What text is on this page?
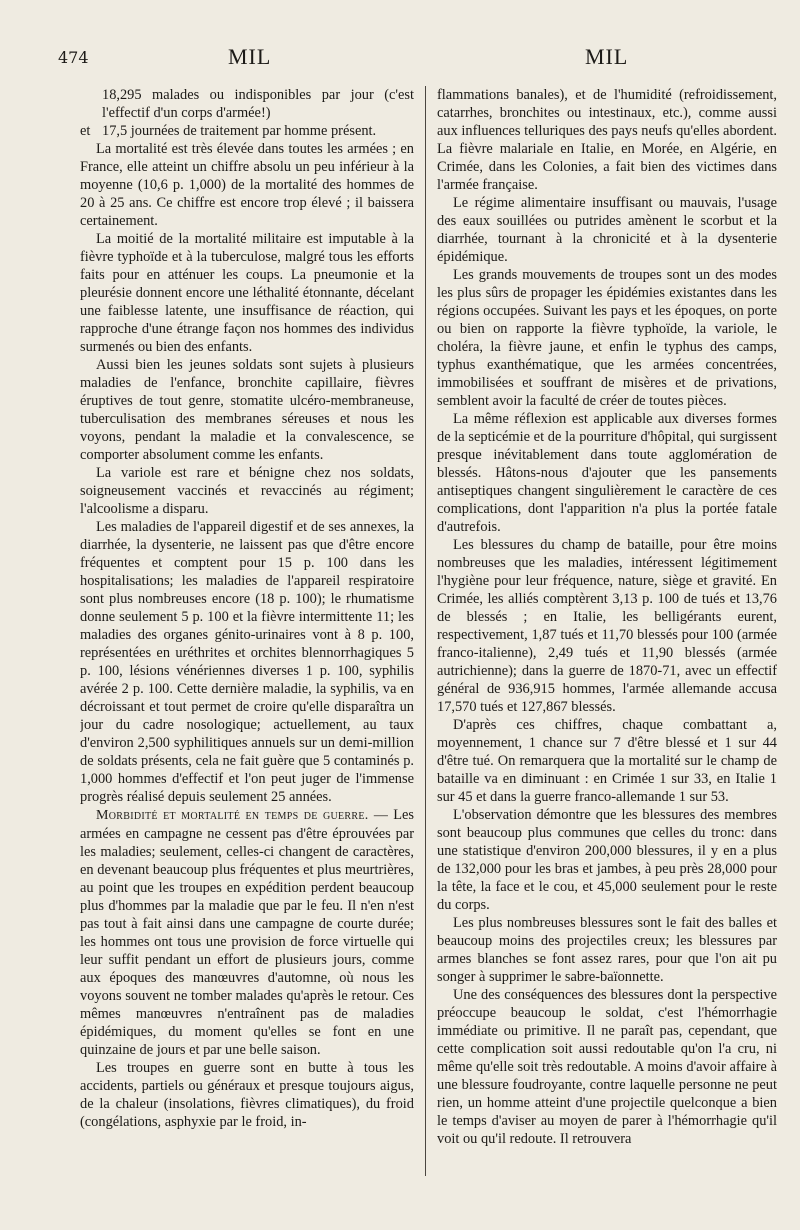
474	MIL	MIL

18,295 malades ou indisponibles par jour (c'est l'effectif d'un corps d'armée!)

et 17,5 journées de traitement par homme présent.

La mortalité est très élevée dans toutes les armées ; en France, elle atteint un chiffre absolu un peu inférieur à la moyenne (10,6 p. 1,000) de la mortalité des hommes de 20 à 25 ans. Ce chiffre est encore trop élevé ; il baissera certainement.

La moitié de la mortalité militaire est imputable à la fièvre typhoïde et à la tuberculose, malgré tous les efforts faits pour en atténuer les coups. La pneumonie et la pleurésie donnent encore une léthalité étonnante, décelant une faiblesse latente, une insuffisance de réaction, qui rapproche d'une étrange façon nos hommes des individus surmenés ou bien des enfants.

Aussi bien les jeunes soldats sont sujets à plusieurs maladies de l'enfance, bronchite capillaire, fièvres éruptives de tout genre, stomatite ulcéro-membraneuse, tuberculisation des membranes séreuses et nous les voyons, pendant la maladie et la convalescence, se comporter absolument comme les enfants.

La variole est rare et bénigne chez nos soldats, soigneusement vaccinés et revaccinés au régiment; l'alcoolisme a disparu.

Les maladies de l'appareil digestif et de ses annexes, la diarrhée, la dysenterie, ne laissent pas que d'être encore fréquentes et comptent pour 15 p. 100 dans les hospitalisations; les maladies de l'appareil respiratoire sont plus nombreuses encore (18 p. 100); le rhumatisme donne seulement 5 p. 100 et la fièvre intermittente 11; les maladies des organes génito-urinaires vont à 8 p. 100, représentées en uréthrites et orchites blennorrhagiques 5 p. 100, lésions vénériennes diverses 1 p. 100, syphilis avérée 2 p. 100. Cette dernière maladie, la syphilis, va en décroissant et tout permet de croire qu'elle disparaîtra un jour du cadre nosologique; actuellement, au taux d'environ 2,500 syphilitiques annuels sur un demi-million de soldats présents, cela ne fait guère que 5 contaminés p. 1,000 hommes d'effectif et l'on peut juger de l'immense progrès réalisé depuis seulement 25 années.

Morbidité et mortalité en temps de guerre. — Les armées en campagne ne cessent pas d'être éprouvées par les maladies; seulement, celles-ci changent de caractères, en devenant beaucoup plus fréquentes et plus meurtrières, au point que les troupes en expédition perdent beaucoup plus d'hommes par la maladie que par le feu. Il n'en n'est pas tout à fait ainsi dans une campagne de courte durée; les hommes ont tous une provision de force virtuelle qui leur suffit pendant un effort de plusieurs jours, comme aux époques des manœuvres d'automne, où nous les voyons souvent ne tomber malades qu'après le retour. Ces mêmes manœuvres n'entraînent pas de maladies épidémiques, du moment qu'elles se font en une quinzaine de jours et par une belle saison.

Les troupes en guerre sont en butte à tous les accidents, partiels ou généraux et presque toujours aigus, de la chaleur (insolations, fièvres climatiques), du froid (congélations, asphyxie par le froid, in-

flammations banales), et de l'humidité (refroidissement, catarrhes, bronchites ou intestinaux, etc.), comme aussi aux influences telluriques des pays neufs qu'elles abordent. La fièvre malariale en Italie, en Morée, en Algérie, en Crimée, dans les Colonies, a fait bien des victimes dans l'armée française.

Le régime alimentaire insuffisant ou mauvais, l'usage des eaux souillées ou putrides amènent le scorbut et la diarrhée, tournant à la chronicité et à la dysenterie épidémique.

Les grands mouvements de troupes sont un des modes les plus sûrs de propager les épidémies existantes dans les régions occupées. Suivant les pays et les époques, on porte ou bien on rapporte la fièvre typhoïde, la variole, le choléra, la fièvre jaune, et enfin le typhus des camps, typhus exanthématique, que les armées concentrées, immobilisées et souffrant de misères et de privations, semblent avoir la faculté de créer de toutes pièces.

La même réflexion est applicable aux diverses formes de la septicémie et de la pourriture d'hôpital, qui surgissent presque inévitablement dans toute agglomération de blessés. Hâtons-nous d'ajouter que les pansements antiseptiques changent singulièrement le caractère de ces complications, dont l'apparition n'a plus la portée fatale d'autrefois.

Les blessures du champ de bataille, pour être moins nombreuses que les maladies, intéressent légitimement l'hygiène pour leur fréquence, nature, siège et gravité. En Crimée, les alliés comptèrent 3,13 p. 100 de tués et 13,76 de blessés ; en Italie, les belligérants eurent, respectivement, 1,87 tués et 11,70 blessés pour 100 (armée franco-italienne), 2,49 tués et 11,90 blessés (armée autrichienne); dans la guerre de 1870-71, avec un effectif général de 936,915 hommes, l'armée allemande accusa 17,570 tués et 127,867 blessés.

D'après ces chiffres, chaque combattant a, moyennement, 1 chance sur 7 d'être blessé et 1 sur 44 d'être tué. On remarquera que la mortalité sur le champ de bataille va en diminuant : en Crimée 1 sur 33, en Italie 1 sur 45 et dans la guerre franco-allemande 1 sur 53.

L'observation démontre que les blessures des membres sont beaucoup plus communes que celles du tronc: dans une statistique d'environ 200,000 blessures, il y en a plus de 132,000 pour les bras et jambes, à peu près 28,000 pour la tête, la face et le cou, et 45,000 seulement pour le reste du corps.

Les plus nombreuses blessures sont le fait des balles et beaucoup moins des projectiles creux; les blessures par armes blanches se font assez rares, pour que l'on ait pu songer à supprimer le sabre-baïonnette.

Une des conséquences des blessures dont la perspective préoccupe beaucoup le soldat, c'est l'hémorrhagie immédiate ou primitive. Il ne paraît pas, cependant, que cette complication soit aussi redoutable qu'on l'a cru, ni même qu'elle soit très redoutable. A moins d'avoir affaire à une blessure foudroyante, contre laquelle personne ne peut rien, un homme atteint d'une projectile quelconque a bien le temps d'aviser au moyen de parer à l'hémorrhagie qu'il voit ou qu'il redoute. Il retrouvera
